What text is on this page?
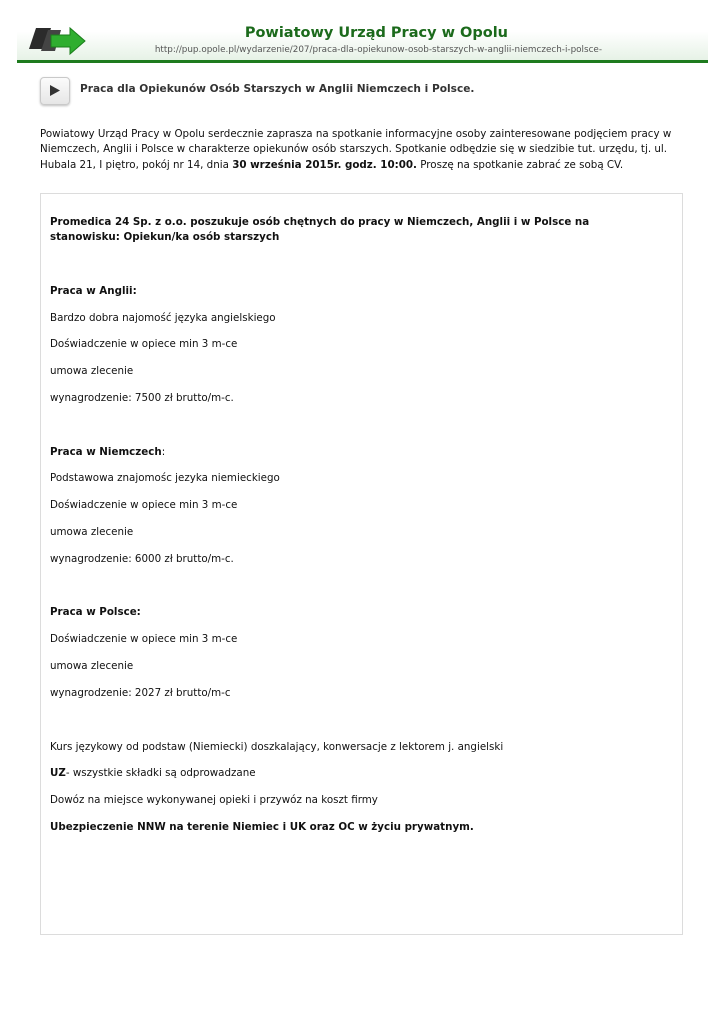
Powiatowy Urząd Pracy w Opolu
http://pup.opole.pl/wydarzenie/207/praca-dla-opiekunow-osob-starszych-w-anglii-niemczech-i-polsce-
Praca dla Opiekunów Osób Starszych w Anglii Niemczech i Polsce.

Powiatowy Urząd Pracy w Opolu serdecznie zaprasza na spotkanie informacyjne osoby zainteresowane podjęciem pracy w Niemczech, Anglii i Polsce w charakterze opiekunów osób starszych. Spotkanie odbędzie się w siedzibie tut. urzędu, tj. ul. Hubala 21, I piętro, pokój nr 14, dnia 30 września 2015r. godz. 10:00. Proszę na spotkanie zabrać ze sobą CV.

Promedica 24 Sp. z o.o. poszukuje osób chętnych do pracy w Niemczech, Anglii i w Polsce na stanowisku: Opiekun/ka osób starszych

Praca w Anglii:

Bardzo dobra najomość języka angielskiego

Doświadczenie w opiece min 3 m-ce

umowa zlecenie

wynagrodzenie: 7500 zł brutto/m-c.

Praca w Niemczech:

Podstawowa znajomośc jezyka niemieckiego

Doświadczenie w opiece min 3 m-ce

umowa zlecenie

wynagrodzenie: 6000 zł brutto/m-c.

Praca w Polsce:

Doświadczenie w opiece min 3 m-ce

umowa zlecenie

wynagrodzenie: 2027 zł brutto/m-c

Kurs językowy od podstaw (Niemiecki) doszkalający, konwersacje z lektorem j. angielski

UZ- wszystkie składki są odprowadzane

Dowóz na miejsce wykonywanej opieki i przywóz na koszt firmy

Ubezpieczenie NNW na terenie Niemiec i UK oraz OC w życiu prywatnym.
